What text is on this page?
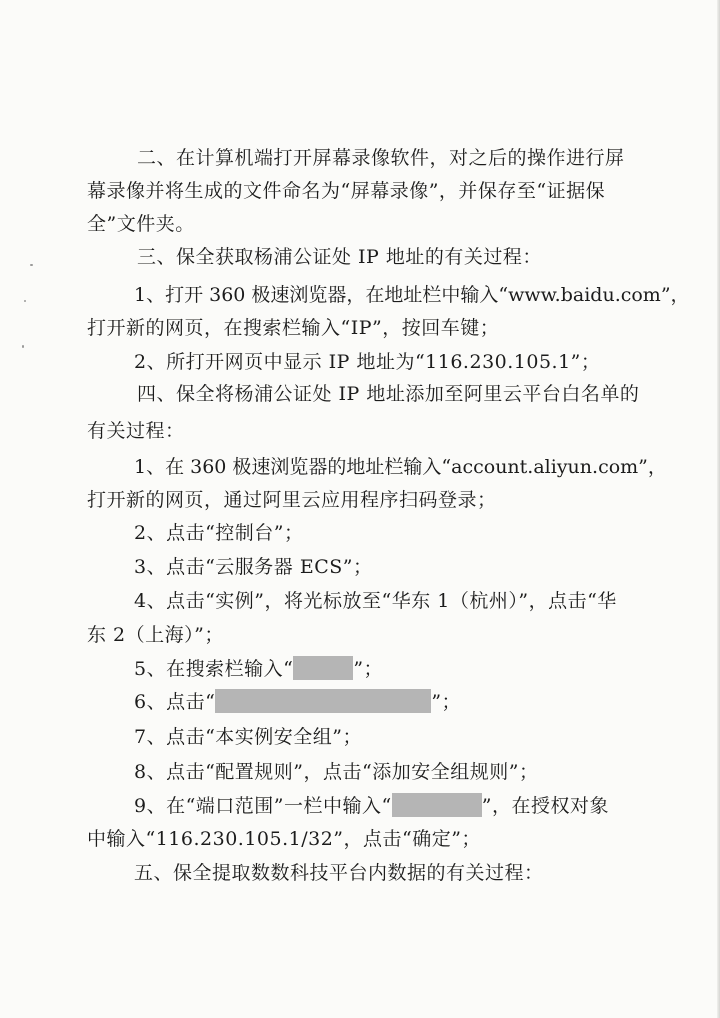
二、在计算机端打开屏幕录像软件，对之后的操作进行屏
幕录像并将生成的文件命名为“屏幕录像”，并保存至“证据保
全”文件夹。
三、保全获取杨浦公证处 IP 地址的有关过程：
1、打开 360 极速浏览器，在地址栏中输入“www.baidu.com”，
打开新的网页，在搜索栏输入“IP”，按回车键；
2、所打开网页中显示 IP 地址为“116.230.105.1”；
四、保全将杨浦公证处 IP 地址添加至阿里云平台白名单的
有关过程：
1、在 360 极速浏览器的地址栏输入“account.aliyun.com”，
打开新的网页，通过阿里云应用程序扫码登录；
2、点击“控制台”；
3、点击“云服务器 ECS”；
4、点击“实例”，将光标放至“华东 1（杭州）”，点击“华
东 2（上海）”；
5、在搜索栏输入“	”；
6、点击“	”；
7、点击“本实例安全组”；
8、点击“配置规则”，点击“添加安全组规则”；
9、在“端口范围”一栏中输入“	”，在授权对象
中输入“116.230.105.1/32”，点击“确定”；
五、保全提取数数科技平台内数据的有关过程：
